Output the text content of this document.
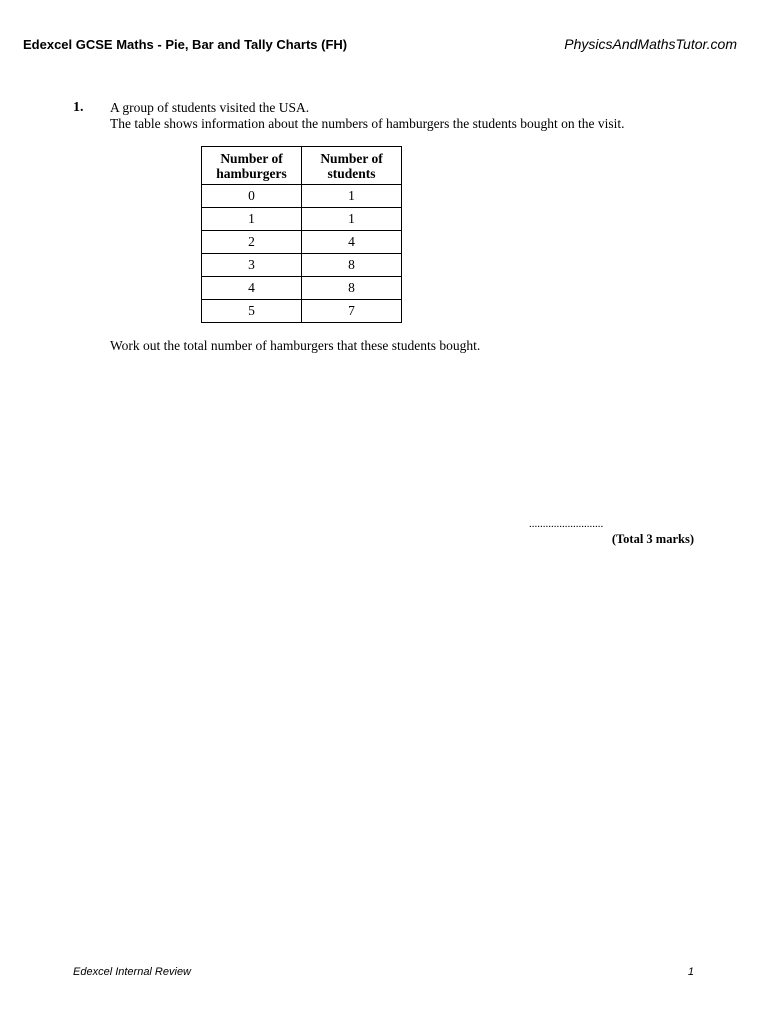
Edexcel GCSE Maths - Pie, Bar and Tally Charts (FH)	PhysicsAndMathsTutor.com
1. A group of students visited the USA.
The table shows information about the numbers of hamburgers the students bought on the visit.
Number of
hamburgers	Number of
students
0	1
1	1
2	4
3	8
4	8
5	7
Work out the total number of hamburgers that these students bought.
...........................
(Total 3 marks)
Edexcel Internal Review	1
